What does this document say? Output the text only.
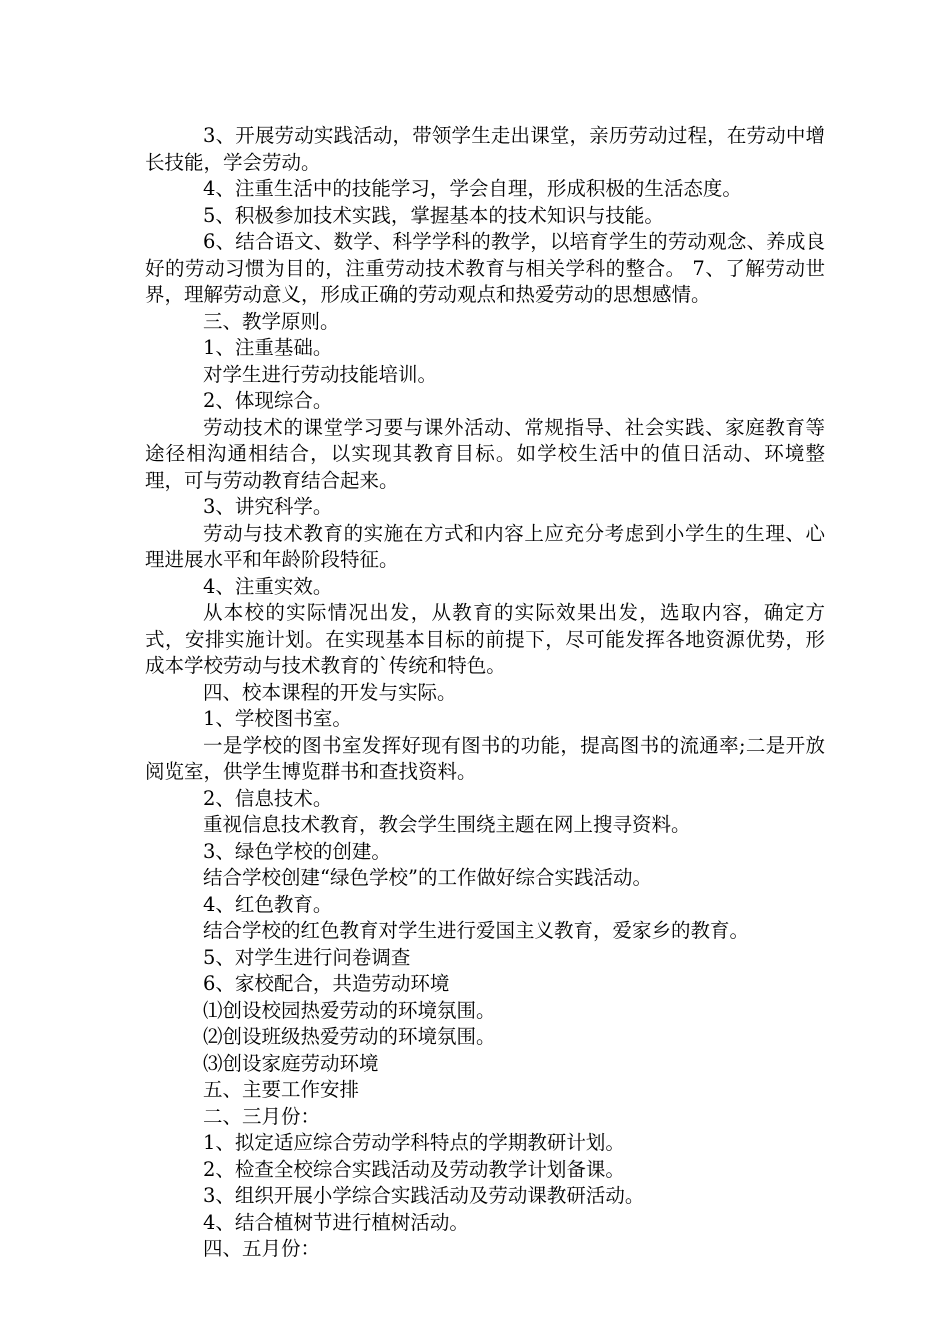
3、开展劳动实践活动，带领学生走出课堂，亲历劳动过程，在劳动中增长技能，学会劳动。

4、注重生活中的技能学习，学会自理，形成积极的生活态度。

5、积极参加技术实践，掌握基本的技术知识与技能。

6、结合语文、数学、科学学科的教学，以培育学生的劳动观念、养成良好的劳动习惯为目的，注重劳动技术教育与相关学科的整合。 7、了解劳动世界，理解劳动意义，形成正确的劳动观点和热爱劳动的思想感情。

三、教学原则。

1、注重基础。

对学生进行劳动技能培训。

2、体现综合。

劳动技术的课堂学习要与课外活动、常规指导、社会实践、家庭教育等途径相沟通相结合，以实现其教育目标。如学校生活中的值日活动、环境整理，可与劳动教育结合起来。

3、讲究科学。

劳动与技术教育的实施在方式和内容上应充分考虑到小学生的生理、心理进展水平和年龄阶段特征。

4、注重实效。

从本校的实际情况出发，从教育的实际效果出发，选取内容，确定方式，安排实施计划。在实现基本目标的前提下，尽可能发挥各地资源优势，形成本学校劳动与技术教育的`传统和特色。

四、校本课程的开发与实际。

1、学校图书室。

一是学校的图书室发挥好现有图书的功能，提高图书的流通率;二是开放阅览室，供学生博览群书和查找资料。

2、信息技术。

重视信息技术教育，教会学生围绕主题在网上搜寻资料。

3、绿色学校的创建。

结合学校创建“绿色学校”的工作做好综合实践活动。

4、红色教育。

结合学校的红色教育对学生进行爱国主义教育，爱家乡的教育。

5、对学生进行问卷调查

6、家校配合，共造劳动环境

⑴创设校园热爱劳动的环境氛围。

⑵创设班级热爱劳动的环境氛围。

⑶创设家庭劳动环境

五、主要工作安排

二、三月份：

1、拟定适应综合劳动学科特点的学期教研计划。

2、检查全校综合实践活动及劳动教学计划备课。

3、组织开展小学综合实践活动及劳动课教研活动。

4、结合植树节进行植树活动。

四、五月份：
